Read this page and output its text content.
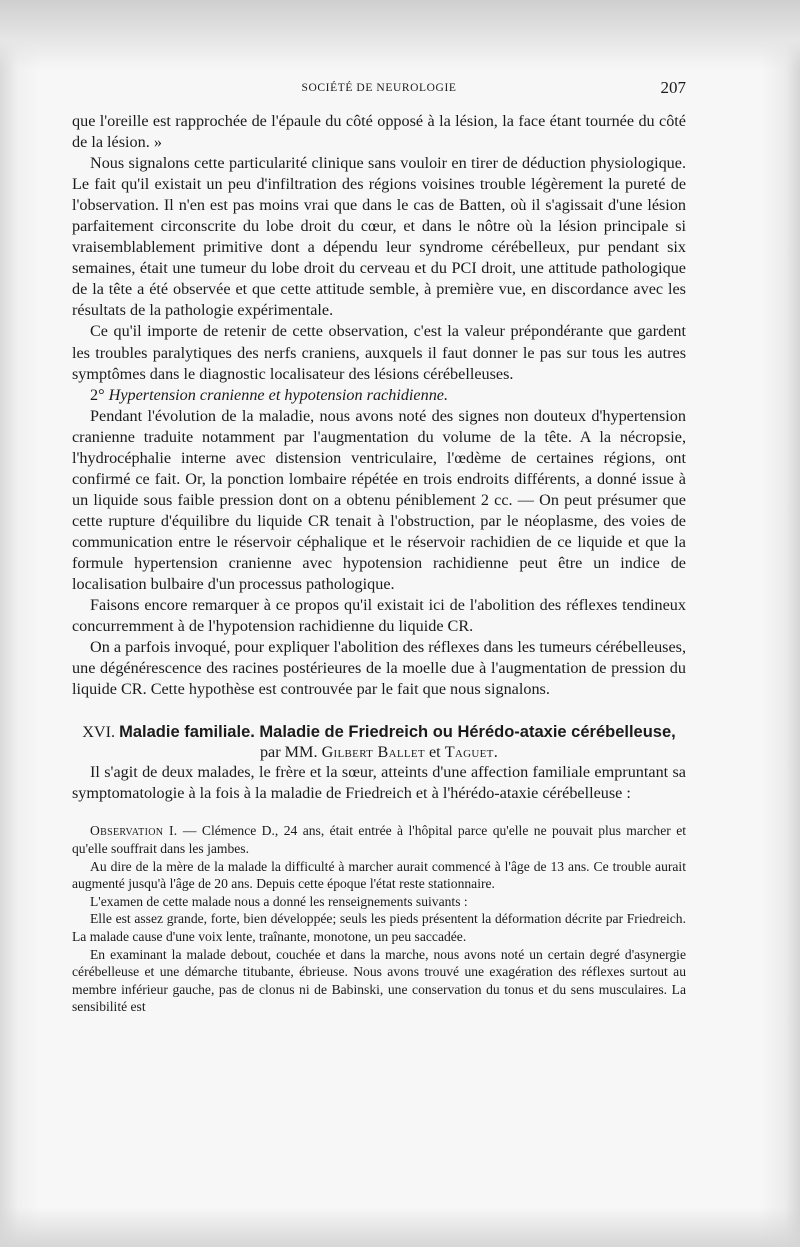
SOCIÉTÉ DE NEUROLOGIE	207

que l'oreille est rapprochée de l'épaule du côté opposé à la lésion, la face étant tournée du côté de la lésion. »

Nous signalons cette particularité clinique sans vouloir en tirer de déduction physiologique. Le fait qu'il existait un peu d'infiltration des régions voisines trouble légèrement la pureté de l'observation. Il n'en est pas moins vrai que dans le cas de Batten, où il s'agissait d'une lésion parfaitement circonscrite du lobe droit du cœur, et dans le nôtre où la lésion principale si vraisemblablement primitive dont a dépendu leur syndrome cérébelleux, pur pendant six semaines, était une tumeur du lobe droit du cerveau et du PCI droit, une attitude pathologique de la tête a été observée et que cette attitude semble, à première vue, en discordance avec les résultats de la pathologie expérimentale.

Ce qu'il importe de retenir de cette observation, c'est la valeur prépondérante que gardent les troubles paralytiques des nerfs craniens, auxquels il faut donner le pas sur tous les autres symptômes dans le diagnostic localisateur des lésions cérébelleuses.

2° Hypertension cranienne et hypotension rachidienne.

Pendant l'évolution de la maladie, nous avons noté des signes non douteux d'hypertension cranienne traduite notamment par l'augmentation du volume de la tête. A la nécropsie, l'hydrocéphalie interne avec distension ventriculaire, l'œdème de certaines régions, ont confirmé ce fait. Or, la ponction lombaire répétée en trois endroits différents, a donné issue à un liquide sous faible pression dont on a obtenu péniblement 2 cc. — On peut présumer que cette rupture d'équilibre du liquide CR tenait à l'obstruction, par le néoplasme, des voies de communication entre le réservoir céphalique et le réservoir rachidien de ce liquide et que la formule hypertension cranienne avec hypotension rachidienne peut être un indice de localisation bulbaire d'un processus pathologique.

Faisons encore remarquer à ce propos qu'il existait ici de l'abolition des réflexes tendineux concurremment à de l'hypotension rachidienne du liquide CR.

On a parfois invoqué, pour expliquer l'abolition des réflexes dans les tumeurs cérébelleuses, une dégénérescence des racines postérieures de la moelle due à l'augmentation de pression du liquide CR. Cette hypothèse est controuvée par le fait que nous signalons.

XVI. Maladie familiale. Maladie de Friedreich ou Hérédo-ataxie cérébelleuse, par MM. Gilbert Ballet et Taguet.

Il s'agit de deux malades, le frère et la sœur, atteints d'une affection familiale empruntant sa symptomatologie à la fois à la maladie de Friedreich et à l'hérédo-ataxie cérébelleuse :

Observation I. — Clémence D., 24 ans, était entrée à l'hôpital parce qu'elle ne pouvait plus marcher et qu'elle souffrait dans les jambes.

Au dire de la mère de la malade la difficulté à marcher aurait commencé à l'âge de 13 ans. Ce trouble aurait augmenté jusqu'à l'âge de 20 ans. Depuis cette époque l'état reste stationnaire.

L'examen de cette malade nous a donné les renseignements suivants :

Elle est assez grande, forte, bien développée; seuls les pieds présentent la déformation décrite par Friedreich. La malade cause d'une voix lente, traînante, monotone, un peu saccadée.

En examinant la malade debout, couchée et dans la marche, nous avons noté un certain degré d'asynergie cérébelleuse et une démarche titubante, ébrieuse. Nous avons trouvé une exagération des réflexes surtout au membre inférieur gauche, pas de clonus ni de Babinski, une conservation du tonus et du sens musculaires. La sensibilité est
